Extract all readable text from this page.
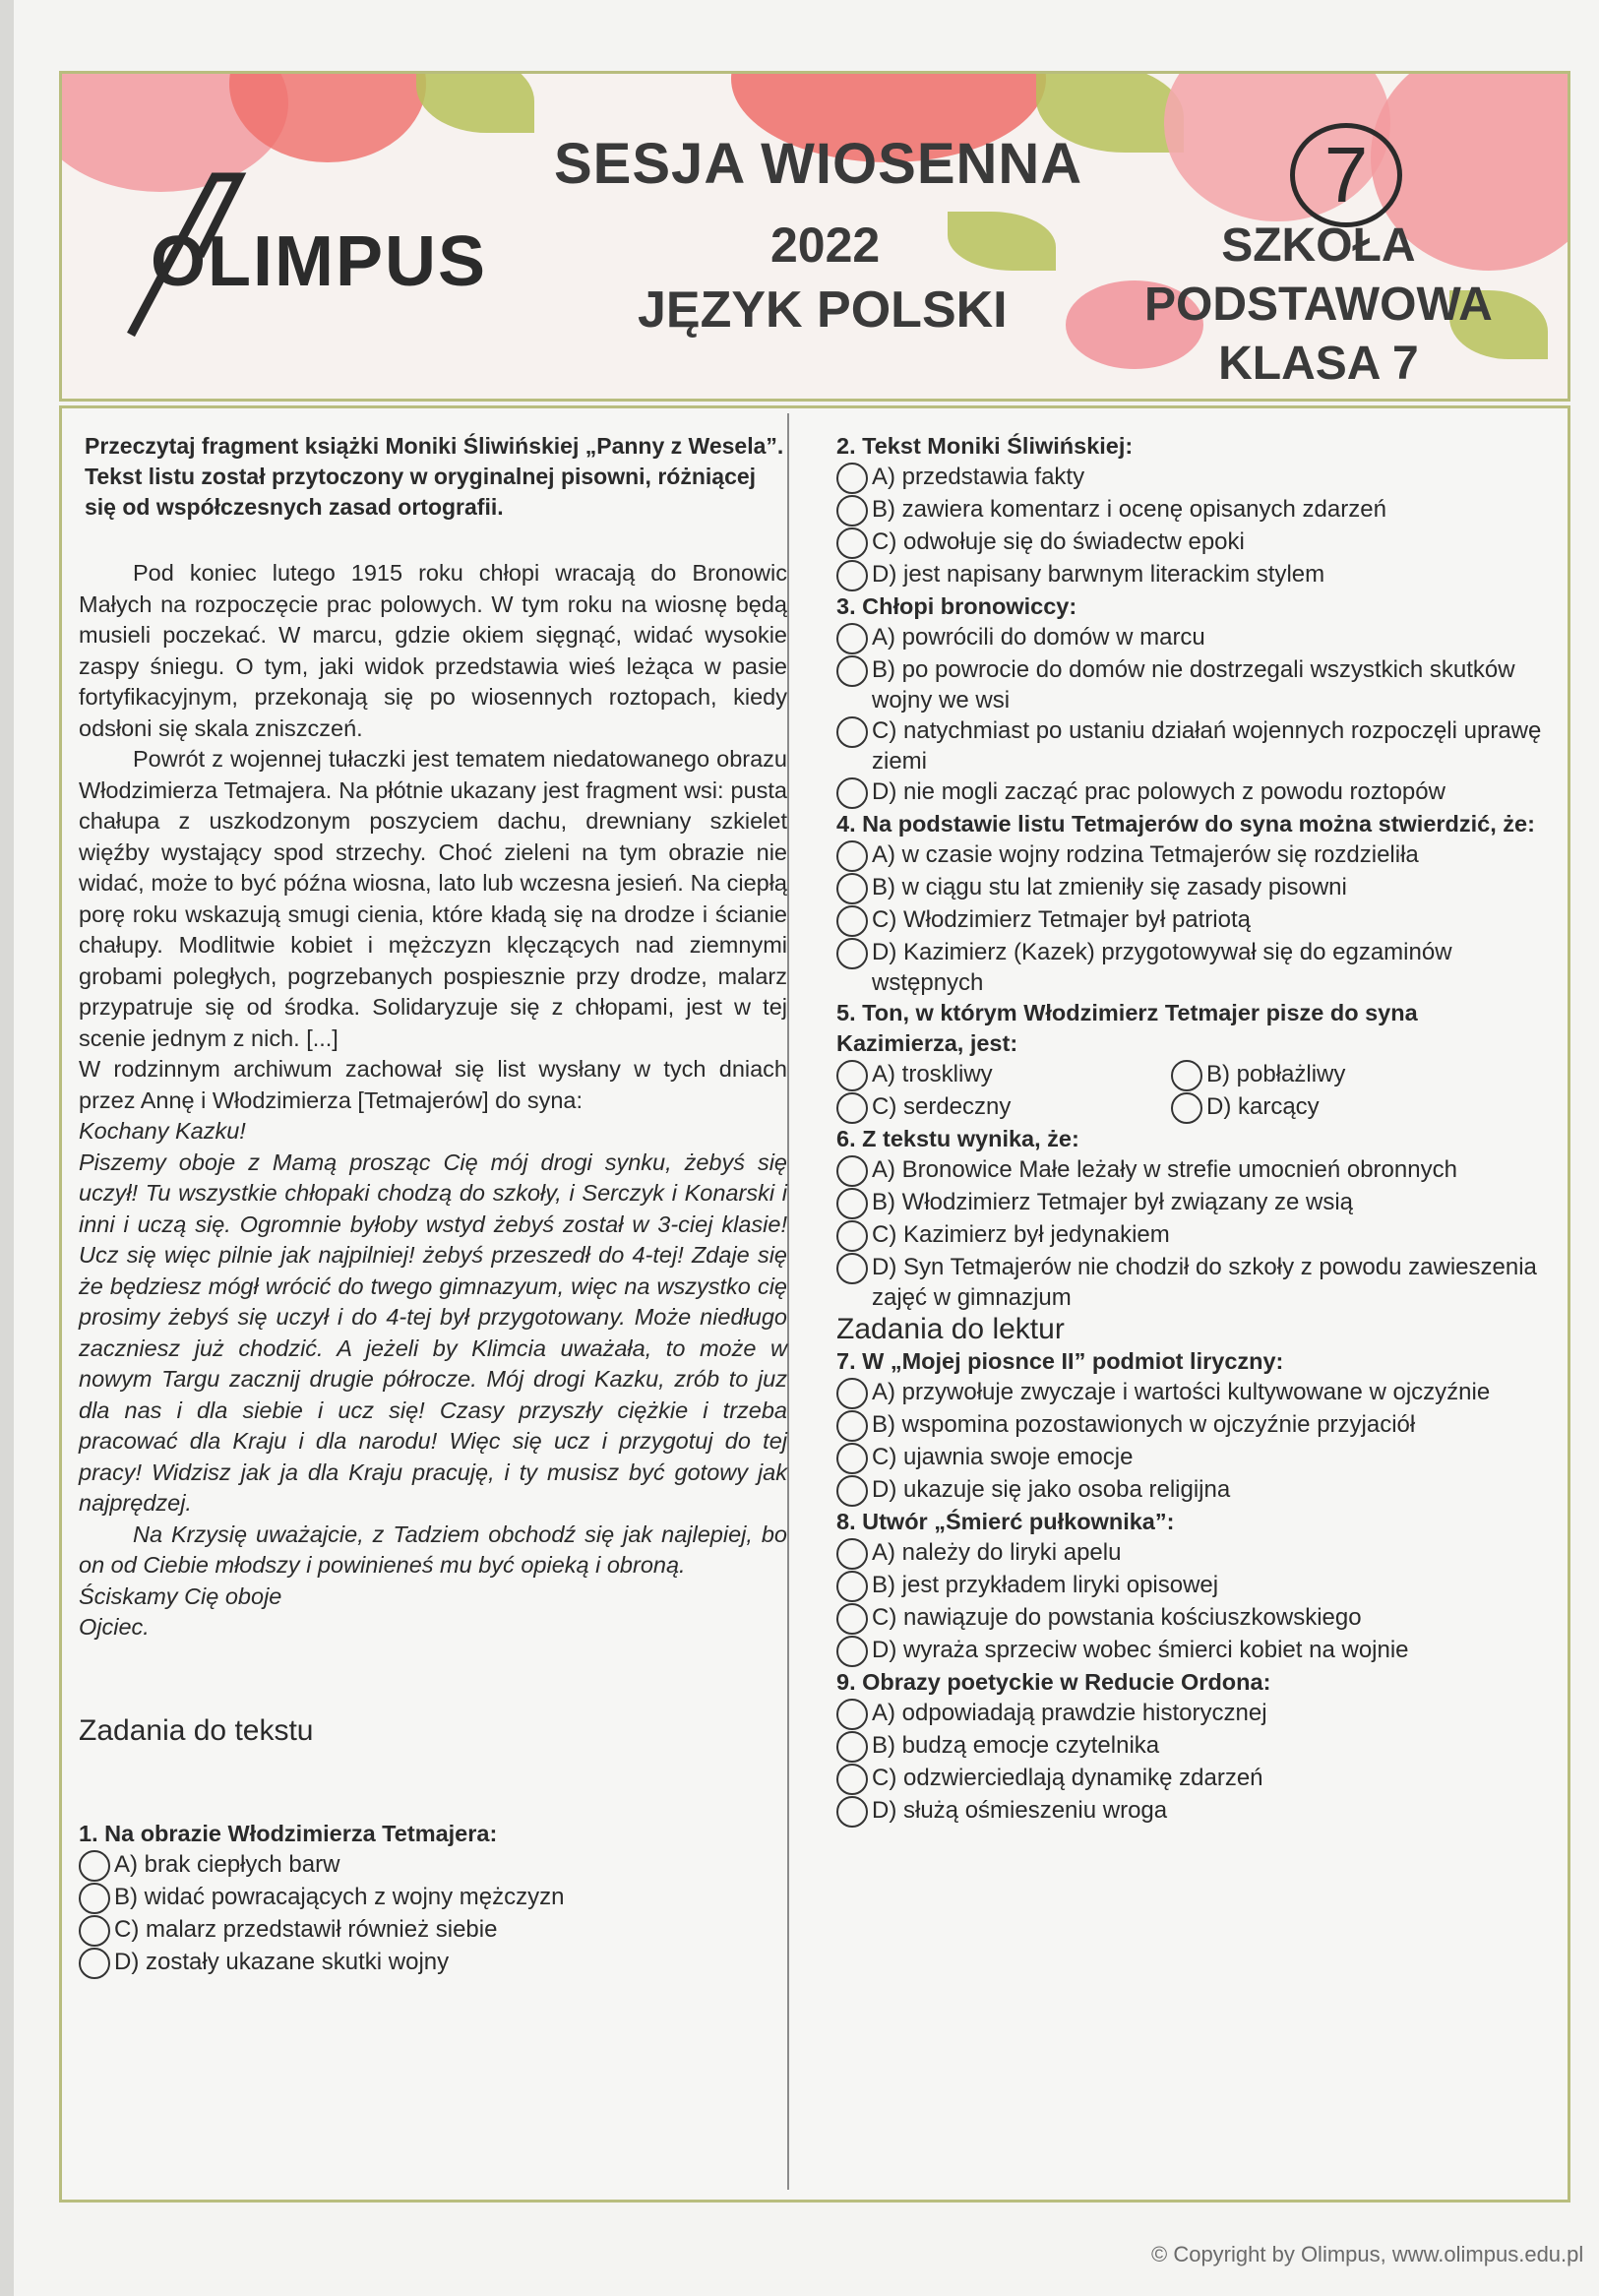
OLIMPUS
SESJA WIOSENNA
2022
JĘZYK POLSKI
7
SZKOŁA
PODSTAWOWA
KLASA 7

Przeczytaj fragment książki Moniki Śliwińskiej „Panny z Wesela”.

Tekst listu został przytoczony w oryginalnej pisowni, różniącej się od współczesnych zasad ortografii.

Pod koniec lutego 1915 roku chłopi wracają do Bronowic Małych na rozpoczęcie prac polowych. W tym roku na wiosnę będą musieli poczekać. W marcu, gdzie okiem sięgnąć, widać wysokie zaspy śniegu. O tym, jaki widok przedstawia wieś leżąca w pasie fortyfikacyjnym, przekonają się po wiosennych roztopach, kiedy odsłoni się skala zniszczeń.

Powrót z wojennej tułaczki jest tematem niedatowanego obrazu Włodzimierza Tetmajera. Na płótnie ukazany jest fragment wsi: pusta chałupa z uszkodzonym poszyciem dachu, drewniany szkielet więźby wystający spod strzechy. Choć zieleni na tym obrazie nie widać, może to być późna wiosna, lato lub wczesna jesień. Na ciepłą porę roku wskazują smugi cienia, które kładą się na drodze i ścianie chałupy. Modlitwie kobiet i mężczyzn klęczących nad ziemnymi grobami poległych, pogrzebanych pospiesznie przy drodze, malarz przypatruje się od środka. Solidaryzuje się z chłopami, jest w tej scenie jednym z nich. [...]

W rodzinnym archiwum zachował się list wysłany w tych dniach przez Annę i Włodzimierza [Tetmajerów] do syna:

Kochany Kazku!

Piszemy oboje z Mamą prosząc Cię mój drogi synku, żebyś się uczył! Tu wszystkie chłopaki chodzą do szkoły, i Serczyk i Konarski i inni i uczą się. Ogromnie byłoby wstyd żebyś został w 3-ciej klasie! Ucz się więc pilnie jak najpilniej! żebyś przeszedł do 4-tej! Zdaje się że będziesz mógł wrócić do twego gimnazyum, więc na wszystko cię prosimy żebyś się uczył i do 4-tej był przygotowany. Może niedługo zaczniesz już chodzić. A jeżeli by Klimcia uważała, to może w nowym Targu zacznij drugie półrocze. Mój drogi Kazku, zrób to juz dla nas i dla siebie i ucz się! Czasy przyszły ciężkie i trzeba pracować dla Kraju i dla narodu! Więc się ucz i przygotuj do tej pracy! Widzisz jak ja dla Kraju pracuję, i ty musisz być gotowy jak najprędzej.

Na Krzysię uważajcie, z Tadziem obchodź się jak najlepiej, bo on od Ciebie młodszy i powinieneś mu być opieką i obroną.

Ściskamy Cię oboje

Ojciec.

Zadania do tekstu

1. Na obrazie Włodzimierza Tetmajera:

A) brak ciepłych barw
B) widać powracających z wojny mężczyzn
C) malarz przedstawił również siebie
D) zostały ukazane skutki wojny

2. Tekst Moniki Śliwińskiej:

A) przedstawia fakty
B) zawiera komentarz i ocenę opisanych zdarzeń
C) odwołuje się do świadectw epoki
D) jest napisany barwnym literackim stylem

3. Chłopi bronowiccy:

A) powrócili do domów w marcu
B) po powrocie do domów nie dostrzegali wszystkich skutków wojny we wsi
C) natychmiast po ustaniu działań wojennych rozpoczęli uprawę ziemi
D) nie mogli zacząć prac polowych z powodu roztopów

4. Na podstawie listu Tetmajerów do syna można stwierdzić, że:

A) w czasie wojny rodzina Tetmajerów się rozdzieliła
B) w ciągu stu lat zmieniły się zasady pisowni
C) Włodzimierz Tetmajer był patriotą
D) Kazimierz (Kazek) przygotowywał się do egzaminów wstępnych

5. Ton, w którym Włodzimierz Tetmajer pisze do syna Kazimierza, jest:

A) troskliwy	B) pobłażliwy
C) serdeczny	D) karcący

6. Z tekstu wynika, że:

A) Bronowice Małe leżały w strefie umocnień obronnych
B) Włodzimierz Tetmajer był związany ze wsią
C) Kazimierz był jedynakiem
D) Syn Tetmajerów nie chodził do szkoły z powodu zawieszenia zajęć w gimnazjum

Zadania do lektur

7. W „Mojej piosnce II” podmiot liryczny:

A) przywołuje zwyczaje i wartości kultywowane w ojczyźnie
B) wspomina pozostawionych w ojczyźnie przyjaciół
C) ujawnia swoje emocje
D) ukazuje się jako osoba religijna

8. Utwór „Śmierć pułkownika”:

A) należy do liryki apelu
B) jest przykładem liryki opisowej
C) nawiązuje do powstania kościuszkowskiego
D) wyraża sprzeciw wobec śmierci kobiet na wojnie

9. Obrazy poetyckie w Reducie Ordona:

A) odpowiadają prawdzie historycznej
B) budzą emocje czytelnika
C) odzwierciedlają dynamikę zdarzeń
D) służą ośmieszeniu wroga
© Copyright by Olimpus, www.olimpus.edu.pl
